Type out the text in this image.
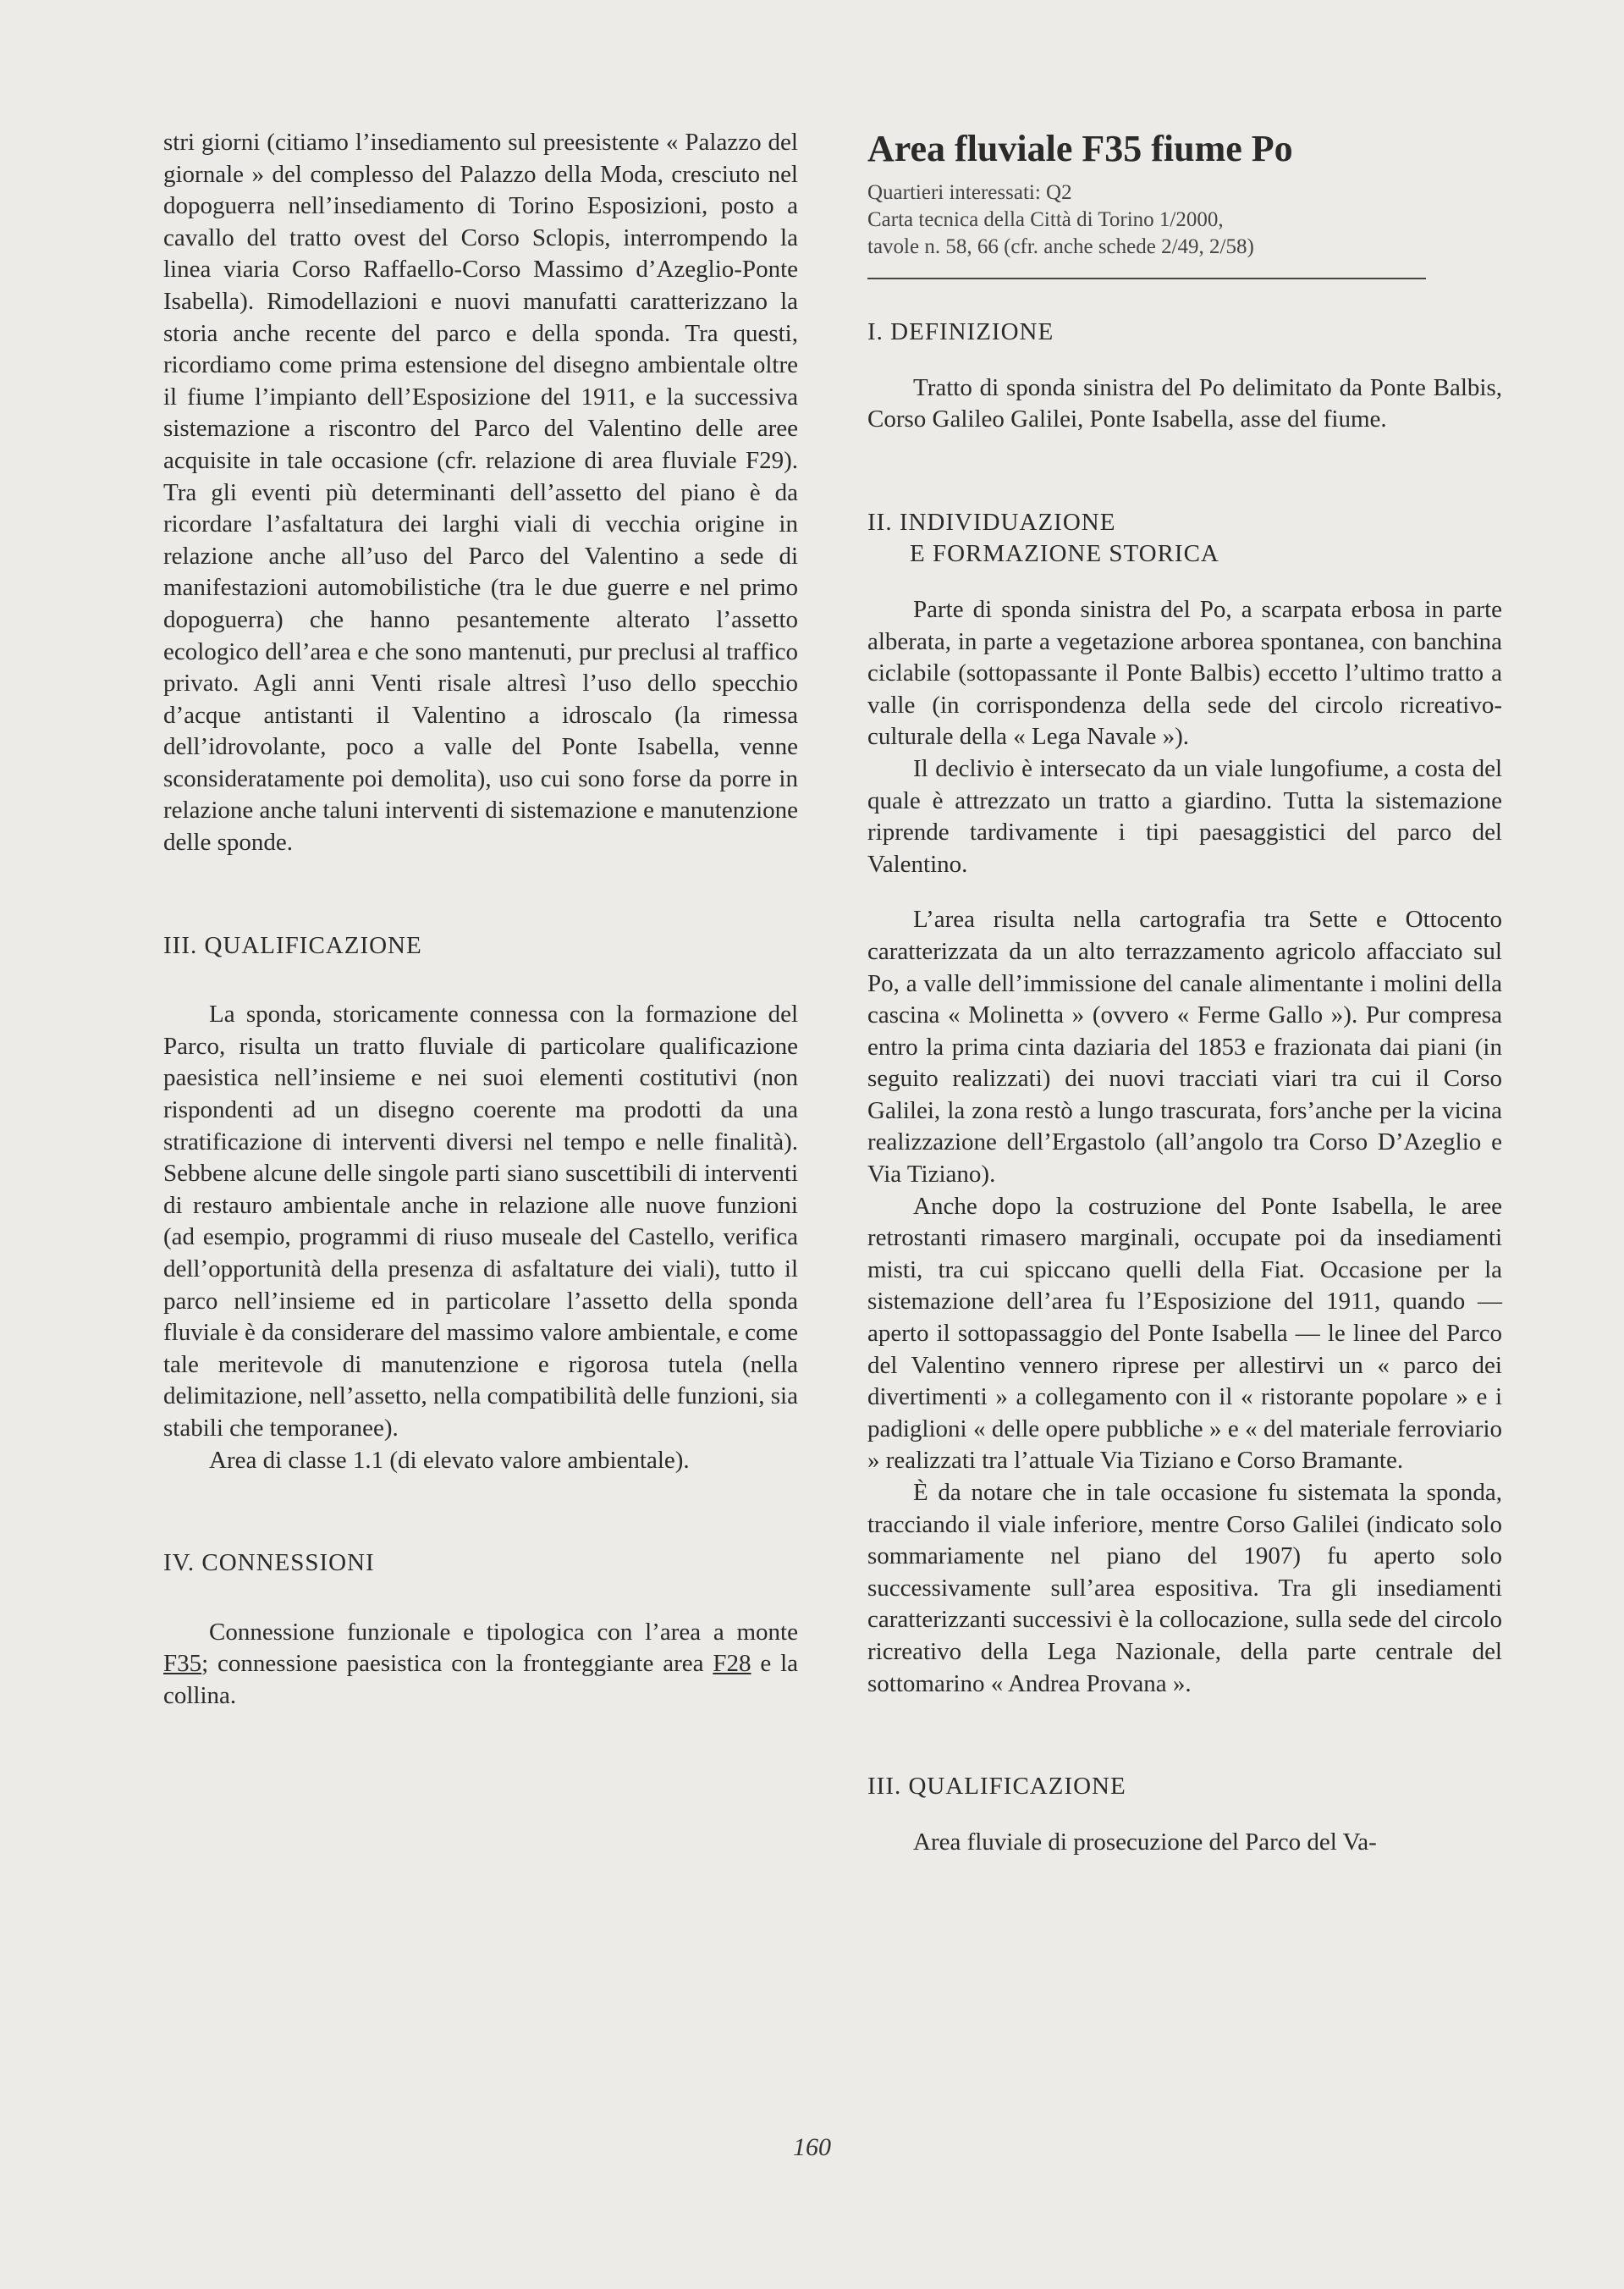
stri giorni (citiamo l’insediamento sul preesistente « Palazzo del giornale » del complesso del Palazzo della Moda, cresciuto nel dopoguerra nell’insediamento di Torino Esposizioni, posto a cavallo del tratto ovest del Corso Sclopis, interrompendo la linea viaria Corso Raffaello-Corso Massimo d’Azeglio-Ponte Isabella). Rimodellazioni e nuovi manufatti caratterizzano la storia anche recente del parco e della sponda. Tra questi, ricordiamo come prima estensione del disegno ambientale oltre il fiume l’impianto dell’Esposizione del 1911, e la successiva sistemazione a riscontro del Parco del Valentino delle aree acquisite in tale occasione (cfr. relazione di area fluviale F29). Tra gli eventi più determinanti dell’assetto del piano è da ricordare l’asfaltatura dei larghi viali di vecchia origine in relazione anche all’uso del Parco del Valentino a sede di manifestazioni automobilistiche (tra le due guerre e nel primo dopoguerra) che hanno pesantemente alterato l’assetto ecologico dell’area e che sono mantenuti, pur preclusi al traffico privato. Agli anni Venti risale altresì l’uso dello specchio d’acque antistanti il Valentino a idroscalo (la rimessa dell’idrovolante, poco a valle del Ponte Isabella, venne sconsideratamente poi demolita), uso cui sono forse da porre in relazione anche taluni interventi di sistemazione e manutenzione delle sponde.

III. QUALIFICAZIONE

La sponda, storicamente connessa con la formazione del Parco, risulta un tratto fluviale di particolare qualificazione paesistica nell’insieme e nei suoi elementi costitutivi (non rispondenti ad un disegno coerente ma prodotti da una stratificazione di interventi diversi nel tempo e nelle finalità). Sebbene alcune delle singole parti siano suscettibili di interventi di restauro ambientale anche in relazione alle nuove funzioni (ad esempio, programmi di riuso museale del Castello, verifica dell’opportunità della presenza di asfaltature dei viali), tutto il parco nell’insieme ed in particolare l’assetto della sponda fluviale è da considerare del massimo valore ambientale, e come tale meritevole di manutenzione e rigorosa tutela (nella delimitazione, nell’assetto, nella compatibilità delle funzioni, sia stabili che temporanee).

Area di classe 1.1 (di elevato valore ambientale).

IV. CONNESSIONI

Connessione funzionale e tipologica con l’area a monte F35; connessione paesistica con la fronteggiante area F28 e la collina.

Area fluviale F35 fiume Po
Quartieri interessati: Q2
Carta tecnica della Città di Torino 1/2000,
tavole n. 58, 66 (cfr. anche schede 2/49, 2/58)

I. DEFINIZIONE

Tratto di sponda sinistra del Po delimitato da Ponte Balbis, Corso Galileo Galilei, Ponte Isabella, asse del fiume.

II. INDIVIDUAZIONE
E FORMAZIONE STORICA

Parte di sponda sinistra del Po, a scarpata erbosa in parte alberata, in parte a vegetazione arborea spontanea, con banchina ciclabile (sottopassante il Ponte Balbis) eccetto l’ultimo tratto a valle (in corrispondenza della sede del circolo ricreativo-culturale della « Lega Navale »).

Il declivio è intersecato da un viale lungofiume, a costa del quale è attrezzato un tratto a giardino. Tutta la sistemazione riprende tardivamente i tipi paesaggistici del parco del Valentino.

L’area risulta nella cartografia tra Sette e Ottocento caratterizzata da un alto terrazzamento agricolo affacciato sul Po, a valle dell’immissione del canale alimentante i molini della cascina « Molinetta » (ovvero « Ferme Gallo »). Pur compresa entro la prima cinta daziaria del 1853 e frazionata dai piani (in seguito realizzati) dei nuovi tracciati viari tra cui il Corso Galilei, la zona restò a lungo trascurata, fors’anche per la vicina realizzazione dell’Ergastolo (all’angolo tra Corso D’Azeglio e Via Tiziano).

Anche dopo la costruzione del Ponte Isabella, le aree retrostanti rimasero marginali, occupate poi da insediamenti misti, tra cui spiccano quelli della Fiat. Occasione per la sistemazione dell’area fu l’Esposizione del 1911, quando — aperto il sottopassaggio del Ponte Isabella — le linee del Parco del Valentino vennero riprese per allestirvi un « parco dei divertimenti » a collegamento con il « ristorante popolare » e i padiglioni « delle opere pubbliche » e « del materiale ferroviario » realizzati tra l’attuale Via Tiziano e Corso Bramante.

È da notare che in tale occasione fu sistemata la sponda, tracciando il viale inferiore, mentre Corso Galilei (indicato solo sommariamente nel piano del 1907) fu aperto solo successivamente sull’area espositiva. Tra gli insediamenti caratterizzanti successivi è la collocazione, sulla sede del circolo ricreativo della Lega Nazionale, della parte centrale del sottomarino « Andrea Provana ».

III. QUALIFICAZIONE

Area fluviale di prosecuzione del Parco del Va-

160
